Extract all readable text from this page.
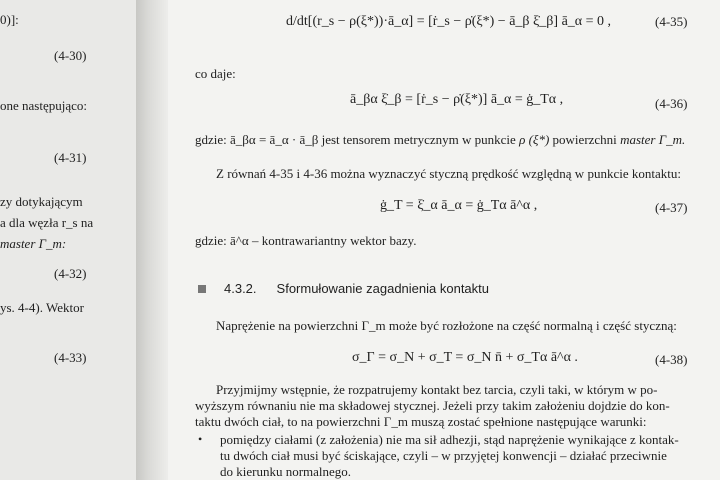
0)]:
(4-30)
one następująco:
(4-31)
zy dotykającym
a dla węzła r_s na
master Γ_m:
(4-32)
ys. 4-4). Wektor
(4-33)
d/dt[(r_s − ρ(ξ*))·ā_α] = [ṙ_s − ρ̇(ξ*) − ā_β ξ̇_β] ā_α = 0 ,	(4-35)
co daje:
ā_βα ξ̇_β = [ṙ_s − ρ̇(ξ*)] ā_α = ġ_Tα ,	(4-36)
gdzie: ā_βα = ā_α · ā_β jest tensorem metrycznym w punkcie ρ (ξ*) powierzchni master Γ_m.
Z równań 4-35 i 4-36 można wyznaczyć styczną prędkość względną w punkcie kontaktu:
ġ_T = ξ̇_α ā_α = ġ_Tα ā^α ,	(4-37)
gdzie: ā^α – kontrawariantny wektor bazy.
4.3.2. Sformułowanie zagadnienia kontaktu
Naprężenie na powierzchni Γ_m może być rozłożone na część normalną i część styczną:
σ_Γ = σ_N + σ_T = σ_N n̄ + σ_Tα ā^α .	(4-38)
Przyjmijmy wstępnie, że rozpatrujemy kontakt bez tarcia, czyli taki, w którym w po-
wyższym równaniu nie ma składowej stycznej. Jeżeli przy takim założeniu dojdzie do kon-
taktu dwóch ciał, to na powierzchni Γ_m muszą zostać spełnione następujące warunki:
• pomiędzy ciałami (z założenia) nie ma sił adhezji, stąd naprężenie wynikające z kontak-
tu dwóch ciał musi być ściskające, czyli – w przyjętej konwencji – działać przeciwnie
do kierunku normalnego.
